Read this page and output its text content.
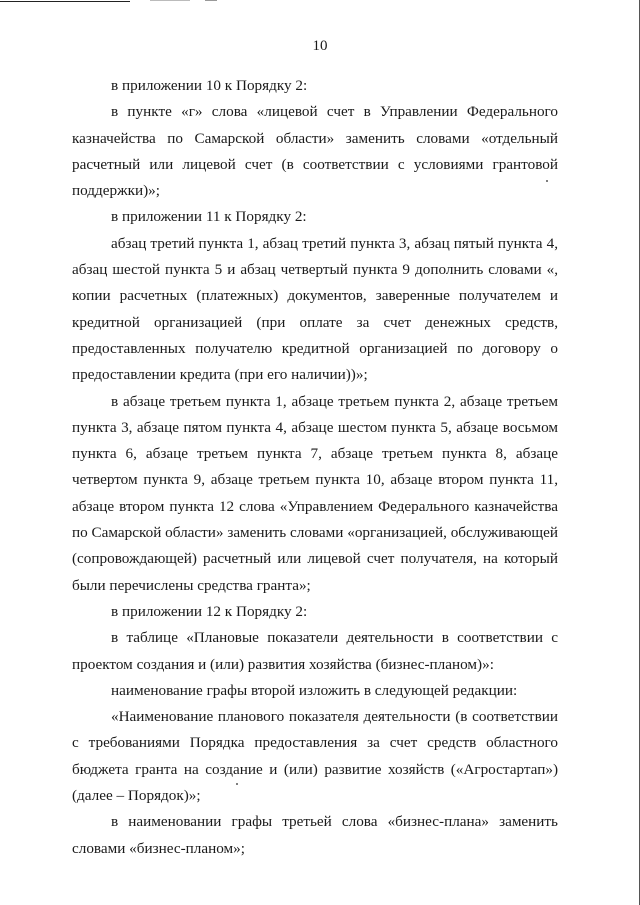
10

в приложении 10 к Порядку 2:

в пункте «г» слова «лицевой счет в Управлении Федерального казначейства по Самарской области» заменить словами «отдельный расчетный или лицевой счет (в соответствии с условиями грантовой поддержки)»;

в приложении 11 к Порядку 2:

абзац третий пункта 1, абзац третий пункта 3, абзац пятый пункта 4, абзац шестой пункта 5 и абзац четвертый пункта 9 дополнить словами «, копии расчетных (платежных) документов, заверенные получателем и кредитной организацией (при оплате за счет денежных средств, предоставленных получателю кредитной организацией по договору о предоставлении кредита (при его наличии))»;

в абзаце третьем пункта 1, абзаце третьем пункта 2, абзаце третьем пункта 3, абзаце пятом пункта 4, абзаце шестом пункта 5, абзаце восьмом пункта 6, абзаце третьем пункта 7, абзаце третьем пункта 8, абзаце четвертом пункта 9, абзаце третьем пункта 10, абзаце втором пункта 11, абзаце втором пункта 12 слова «Управлением Федерального казначейства по Самарской области» заменить словами «организацией, обслуживающей (сопровождающей) расчетный или лицевой счет получателя, на который были перечислены средства гранта»;

в приложении 12 к Порядку 2:

в таблице «Плановые показатели деятельности в соответствии с проектом создания и (или) развития хозяйства (бизнес-планом)»:

наименование графы второй изложить в следующей редакции:

«Наименование планового показателя деятельности (в соответствии с требованиями Порядка предоставления за счет средств областного бюджета гранта на создание и (или) развитие хозяйств («Агростартап») (далее – Порядок)»;

в наименовании графы третьей слова «бизнес-плана» заменить словами «бизнес-планом»;
